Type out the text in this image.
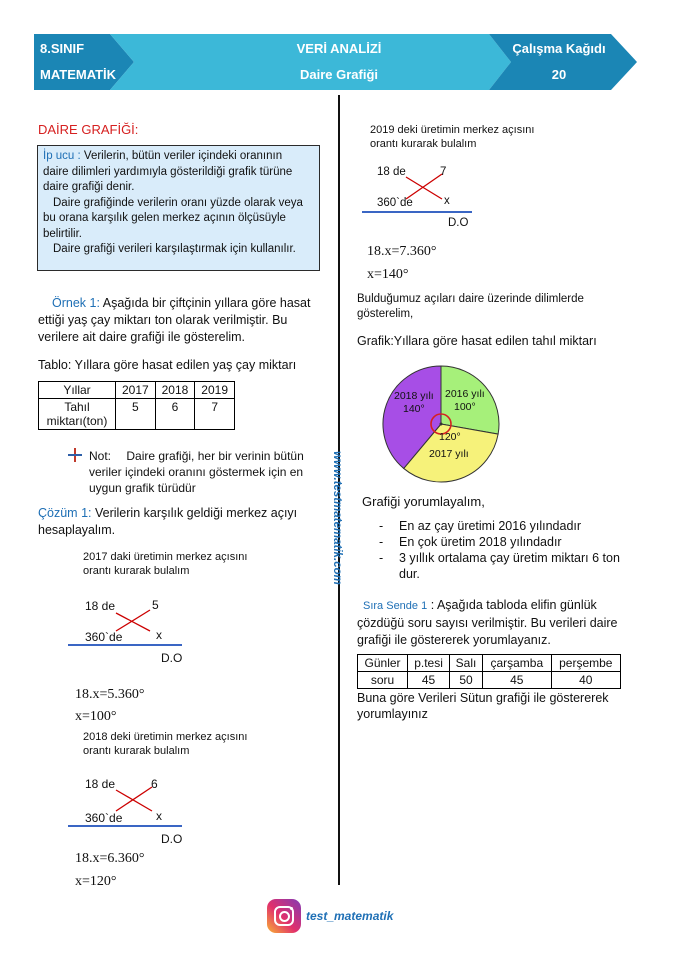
8.SINIF
MATEMATİK
VERİ ANALİZİ
Daire Grafiği
Çalışma Kağıdı
20
www.testmatematik.com
DAİRE GRAFİĞİ:
İp ucu : Verilerin, bütün veriler içindeki oranının
daire dilimleri yardımıyla gösterildiği grafik türüne
daire grafiği denir.
Daire grafiğinde verilerin oranı yüzde olarak veya
bu orana karşılık gelen merkez açının ölçüsüyle
belirtilir.
Daire grafiği verileri karşılaştırmak için kullanılır.
Örnek 1: Aşağıda bir çiftçinin yıllara göre hasat
ettiği yaş çay miktarı ton olarak verilmiştir. Bu
verilere ait daire grafiği ile gösterelim.
Tablo: Yıllara göre hasat edilen yaş çay miktarı
Yıllar	2017	2018	2019
Tahıl
miktarı(ton)	5	6	7
Not: Daire grafiği, her bir verinin bütün
veriler içindeki oranını göstermek için en
uygun grafik türüdür
Çözüm 1: Verilerin karşılık geldiği merkez açıyı
hesaplayalım.
2017 daki üretimin merkez açısını
orantı kurarak bulalım
18 de	5
360`de	x
D.O
18.x=5.360°
x=100°
2018 deki üretimin merkez açısını
orantı kurarak bulalım
18 de	6
360`de	x
D.O
18.x=6.360°
x=120°
2019 deki üretimin merkez açısını
orantı kurarak bulalım
18 de	7
360`de	x
D.O
18.x=7.360°
x=140°
Bulduğumuz açıları daire üzerinde dilimlerde
gösterelim,
Grafik:Yıllara göre hasat edilen tahıl miktarı
2016 yılı
100°
2018 yılı
140°
120°
2017 yılı
Grafiği yorumlayalım,
- En az çay üretimi 2016 yılındadır
- En çok üretim 2018 yılındadır
- 3 yıllık ortalama çay üretim miktarı 6 ton dur.
Sıra Sende 1 : Aşağıda tabloda elifin günlük
çözdüğü soru sayısı verilmiştir. Bu verileri daire
grafiği ile göstererek yorumlayanız.
Günler	p.tesi	Salı	çarşamba	perşembe
soru	45	50	45	40
Buna göre Verileri Sütun grafiği ile göstererek
yorumlayınız
test_matematik
